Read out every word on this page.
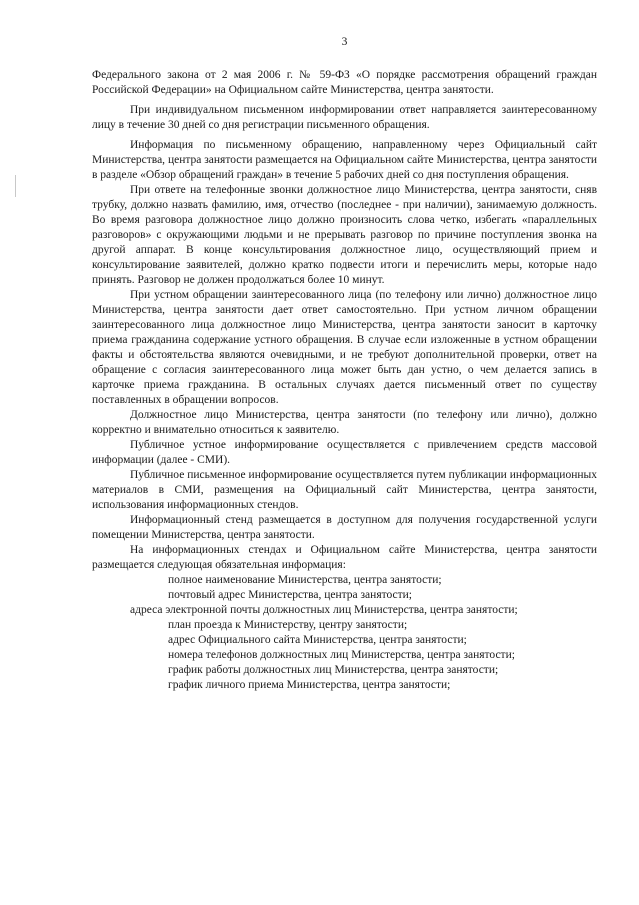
3

Федерального закона от 2 мая 2006 г. № 59-ФЗ «О порядке рассмотрения обращений граждан Российской Федерации» на Официальном сайте Министерства, центра занятости.

При индивидуальном письменном информировании ответ направляется заинтересованному лицу в течение 30 дней со дня регистрации письменного обращения.

Информация по письменному обращению, направленному через Официальный сайт Министерства, центра занятости размещается на Официальном сайте Министерства, центра занятости в разделе «Обзор обращений граждан» в течение 5 рабочих дней со дня поступления обращения.

При ответе на телефонные звонки должностное лицо Министерства, центра занятости, сняв трубку, должно назвать фамилию, имя, отчество (последнее - при наличии), занимаемую должность. Во время разговора должностное лицо должно произносить слова четко, избегать «параллельных разговоров» с окружающими людьми и не прерывать разговор по причине поступления звонка на другой аппарат. В конце консультирования должностное лицо, осуществляющий прием и консультирование заявителей, должно кратко подвести итоги и перечислить меры, которые надо принять. Разговор не должен продолжаться более 10 минут.

При устном обращении заинтересованного лица (по телефону или лично) должностное лицо Министерства, центра занятости дает ответ самостоятельно. При устном личном обращении заинтересованного лица должностное лицо Министерства, центра занятости заносит в карточку приема гражданина содержание устного обращения. В случае если изложенные в устном обращении факты и обстоятельства являются очевидными, и не требуют дополнительной проверки, ответ на обращение с согласия заинтересованного лица может быть дан устно, о чем делается запись в карточке приема гражданина. В остальных случаях дается письменный ответ по существу поставленных в обращении вопросов.

Должностное лицо Министерства, центра занятости (по телефону или лично), должно корректно и внимательно относиться к заявителю.

Публичное устное информирование осуществляется с привлечением средств массовой информации (далее - СМИ).

Публичное письменное информирование осуществляется путем публикации информационных материалов в СМИ, размещения на Официальный сайт Министерства, центра занятости, использования информационных стендов.

Информационный стенд размещается в доступном для получения государственной услуги помещении Министерства, центра занятости.

На информационных стендах и Официальном сайте Министерства, центра занятости размещается следующая обязательная информация:

полное наименование Министерства, центра занятости;

почтовый адрес Министерства, центра занятости;

адреса электронной почты должностных лиц Министерства, центра занятости;

план проезда к Министерству, центру занятости;

адрес Официального сайта Министерства, центра занятости;

номера телефонов должностных лиц Министерства, центра занятости;

график работы должностных лиц Министерства, центра занятости;

график личного приема Министерства, центра занятости;
